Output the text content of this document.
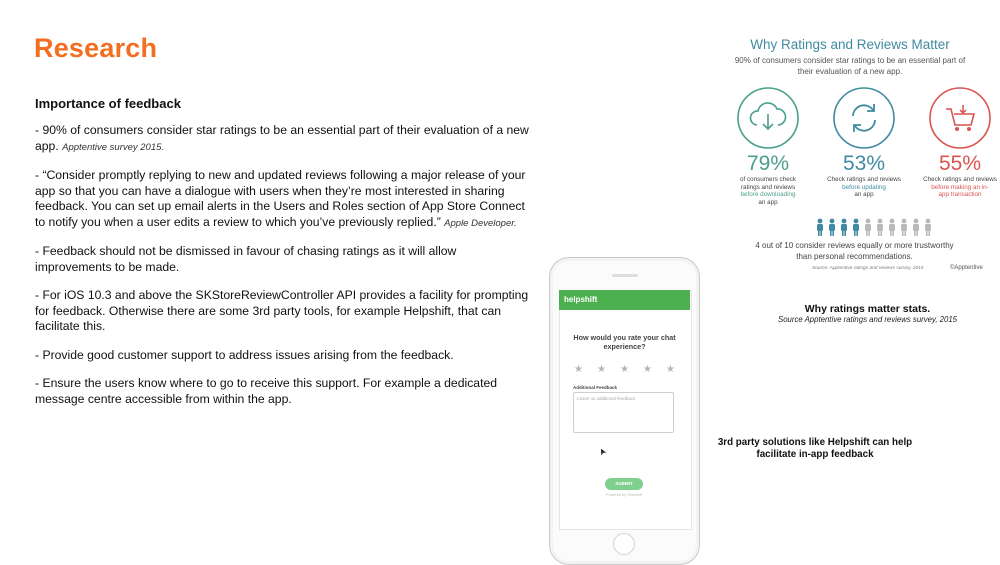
Research
Importance of feedback

- 90% of consumers consider star ratings to be an essential part of their evaluation of a new app. Apptentive survey 2015.

- “Consider promptly replying to new and updated reviews following a major release of your app so that you can have a dialogue with users when they’re most interested in sharing feedback. You can set up email alerts in the Users and Roles section of App Store Connect to notify you when a user edits a review to which you’ve previously replied.” Apple Developer.

- Feedback should not be dismissed in favour of chasing ratings as it will allow improvements to be made.

- For iOS 10.3 and above the SKStoreReviewController API provides a facility for prompting for feedback. Otherwise there are some 3rd party tools, for example Helpshift, that can facilitate this.

- Provide good customer support to address issues arising from the feedback.

- Ensure the users know where to go to receive this support. For example a dedicated message centre accessible from within the app.

Why Ratings and Reviews Matter
90% of consumers consider star ratings to be an essential part of their evaluation of a new app.
79%	53%	55%
of consumers check
ratings and reviews
before downloading
an app
Check ratings and reviews
before updating
an app
Check ratings and reviews
before making an in-app transaction
4 out of 10 consider reviews equally or more trustworthy than personal recommendations.
Source: Apptentive ratings and reviews survey, 2015	©Apptentive
Why ratings matter stats.
Source Apptentive ratings and reviews survey, 2015
helpshift
How would you rate your chat experience?
★ ★ ★ ★ ★
Additional Feedback
Leave us additional feedback
➤
SUBMIT
Powered by Helpshift
3rd party solutions like Helpshift can help facilitate in-app feedback
